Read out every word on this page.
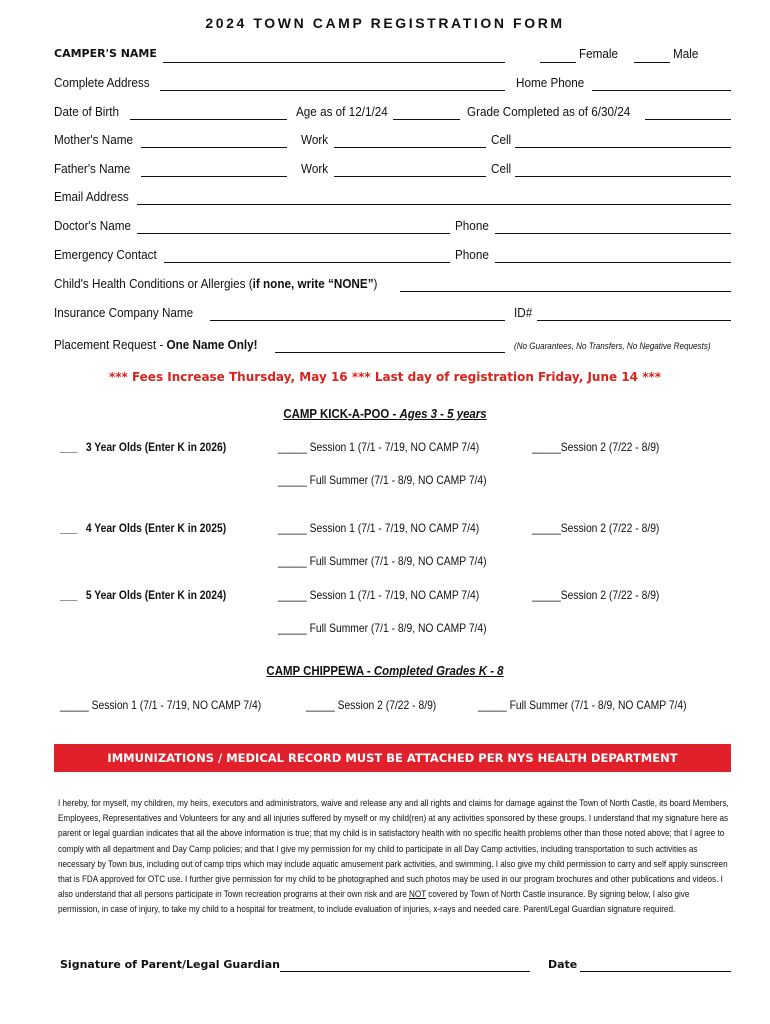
2024 TOWN CAMP REGISTRATION FORM
CAMPER'S NAME	Female	Male
Complete Address	Home Phone
Date of Birth	Age as of 12/1/24	Grade Completed as of 6/30/24
Mother's Name	Work	Cell
Father's Name	Work	Cell
Email Address
Doctor's Name	Phone
Emergency Contact	Phone
Child's Health Conditions or Allergies (if none, write “NONE”)
Insurance Company Name	ID#
Placement Request - One Name Only!	(No Guarantees, No Transfers, No Negative Requests)
*** Fees Increase Thursday, May 16 *** Last day of registration Friday, June 14 ***
CAMP KICK-A-POO - Ages 3 - 5 years
___ 3 Year Olds (Enter K in 2026)	_____ Session 1 (7/1 - 7/19, NO CAMP 7/4)	_____Session 2 (7/22 - 8/9)
_____ Full Summer (7/1 - 8/9, NO CAMP 7/4)
___ 4 Year Olds (Enter K in 2025)	_____ Session 1 (7/1 - 7/19, NO CAMP 7/4)	_____Session 2 (7/22 - 8/9)
_____ Full Summer (7/1 - 8/9, NO CAMP 7/4)
___ 5 Year Olds (Enter K in 2024)	_____ Session 1 (7/1 - 7/19, NO CAMP 7/4)	_____Session 2 (7/22 - 8/9)
_____ Full Summer (7/1 - 8/9, NO CAMP 7/4)
CAMP CHIPPEWA - Completed Grades K - 8
_____ Session 1 (7/1 - 7/19, NO CAMP 7/4)	_____ Session 2 (7/22 - 8/9)	_____ Full Summer (7/1 - 8/9, NO CAMP 7/4)
IMMUNIZATIONS / MEDICAL RECORD MUST BE ATTACHED PER NYS HEALTH DEPARTMENT
I hereby, for myself, my children, my heirs, executors and administrators, waive and release any and all rights and claims for damage against the Town of North Castle, its board Members, Employees, Representatives and Volunteers for any and all injuries suffered by myself or my child(ren) at any activities sponsored by these groups. I understand that my signature here as parent or legal guardian indicates that all the above information is true; that my child is in satisfactory health with no specific health problems other than those noted above; that I agree to comply with all department and Day Camp policies; and that I give my permission for my child to participate in all Day Camp activities, including transportation to such activities as necessary by Town bus, including out of camp trips which may include aquatic amusement park activities, and swimming. I also give my child permission to carry and self apply sunscreen that is FDA approved for OTC use. I further give permission for my child to be photographed and such photos may be used in our program brochures and other publications and videos. I also understand that all persons participate in Town recreation programs at their own risk and are NOT covered by Town of North Castle insurance. By signing below, I also give permission, in case of injury, to take my child to a hospital for treatment, to include evaluation of injuries, x-rays and needed care. Parent/Legal Guardian signature required.
Signature of Parent/Legal Guardian	Date
